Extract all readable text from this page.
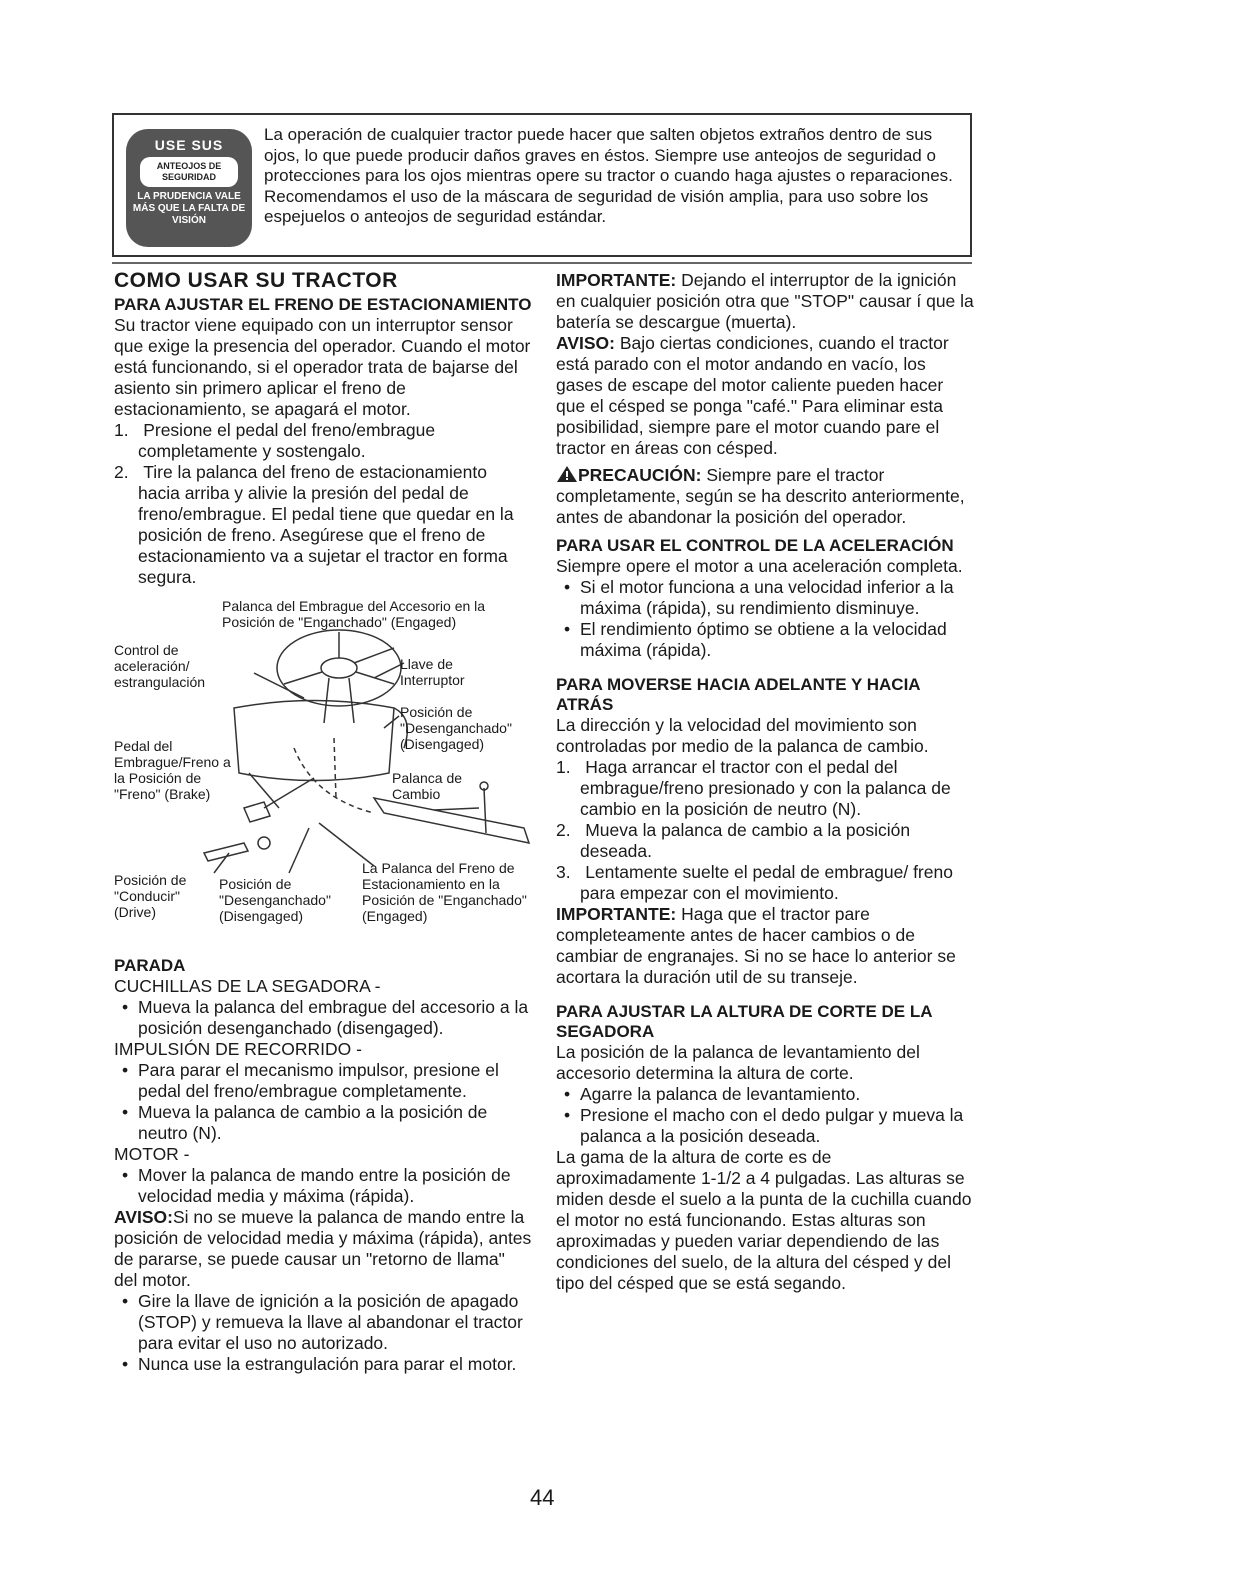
USE SUS
ANTEOJOS DE SEGURIDAD
LA PRUDENCIA VALE MÁS QUE LA FALTA DE VISIÓN
La operación de cualquier tractor puede hacer que salten objetos extraños dentro de sus ojos, lo que puede producir daños graves en éstos. Siempre use anteojos de seguridad o protecciones para los ojos mientras opere su tractor o cuando haga ajustes o reparaciones. Recomendamos el uso de la máscara de seguridad de visión amplia, para uso sobre los espejuelos o anteojos de seguridad estándar.
COMO USAR SU TRACTOR
PARA AJUSTAR EL FRENO DE ESTACIONAMIENTO

Su tractor viene equipado con un interruptor sensor que exige la presencia del operador. Cuando el motor está funcionando, si el operador trata de bajarse del asiento sin primero aplicar el freno de estacionamiento, se apagará el motor.

1. Presione el pedal del freno/embrague completamente y sostengalo.

2. Tire la palanca del freno de estacionamiento hacia arriba y alivie la presión del pedal de freno/embrague. El pedal tiene que quedar en la posición de freno. Asegúrese que el freno de estacionamiento va a sujetar el tractor en forma segura.

Palanca del Embrague del Accesorio en la Posición de "Enganchado" (Engaged)
Control de aceleración/ estrangulación
Llave de Interruptor
Posición de "Desenganchado" (Disengaged)
Pedal del Embrague/Freno a la Posición de "Freno" (Brake)
Palanca de Cambio
Posición de "Conducir" (Drive)
Posición de "Desenganchado" (Disengaged)
La Palanca del Freno de Estacionamiento en la Posición de "Enganchado" (Engaged)
PARADA

CUCHILLAS DE LA SEGADORA -

• Mueva la palanca del embrague del accesorio a la posición desenganchado (disengaged).

IMPULSIÓN DE RECORRIDO -

• Para parar el mecanismo impulsor, presione el pedal del freno/embrague completamente.

• Mueva la palanca de cambio a la posición de neutro (N).

MOTOR -

• Mover la palanca de mando entre la posición de velocidad media y máxima (rápida).

AVISO:Si no se mueve la palanca de mando entre la posición de velocidad media y máxima (rápida), antes de pararse, se puede causar un "retorno de llama" del motor.

• Gire la llave de ignición a la posición de apagado (STOP) y remueva la llave al abandonar el tractor para evitar el uso no autorizado.

• Nunca use la estrangulación para parar el motor.

IMPORTANTE: Dejando el interruptor de la ignición en cualquier posición otra que "STOP" causar í que la batería se descargue (muerta).

AVISO: Bajo ciertas condiciones, cuando el tractor está parado con el motor andando en vacío, los gases de escape del motor caliente pueden hacer que el césped se ponga "café." Para eliminar esta posibilidad, siempre pare el motor cuando pare el tractor en áreas con césped.

PRECAUCIÓN: Siempre pare el tractor completamente, según se ha descrito anteriormente, antes de abandonar la posición del operador.

PARA USAR EL CONTROL DE LA ACELERACIÓN

Siempre opere el motor a una aceleración completa.

• Si el motor funciona a una velocidad inferior a la máxima (rápida), su rendimiento disminuye.

• El rendimiento óptimo se obtiene a la velocidad máxima (rápida).

PARA MOVERSE HACIA ADELANTE Y HACIA ATRÁS

La dirección y la velocidad del movimiento son controladas por medio de la palanca de cambio.

1. Haga arrancar el tractor con el pedal del embrague/freno presionado y con la palanca de cambio en la posición de neutro (N).

2. Mueva la palanca de cambio a la posición deseada.

3. Lentamente suelte el pedal de embrague/ freno para empezar con el movimiento.

IMPORTANTE: Haga que el tractor pare completeamente antes de hacer cambios o de cambiar de engranajes. Si no se hace lo anterior se acortara la duración util de su transeje.

PARA AJUSTAR LA ALTURA DE CORTE DE LA SEGADORA

La posición de la palanca de levantamiento del accesorio determina la altura de corte.

• Agarre la palanca de levantamiento.

• Presione el macho con el dedo pulgar y mueva la palanca a la posición deseada.

La gama de la altura de corte es de aproximadamente 1-1/2 a 4 pulgadas. Las alturas se miden desde el suelo a la punta de la cuchilla cuando el motor no está funcionando. Estas alturas son aproximadas y pueden variar dependiendo de las condiciones del suelo, de la altura del césped y del tipo del césped que se está segando.

44
